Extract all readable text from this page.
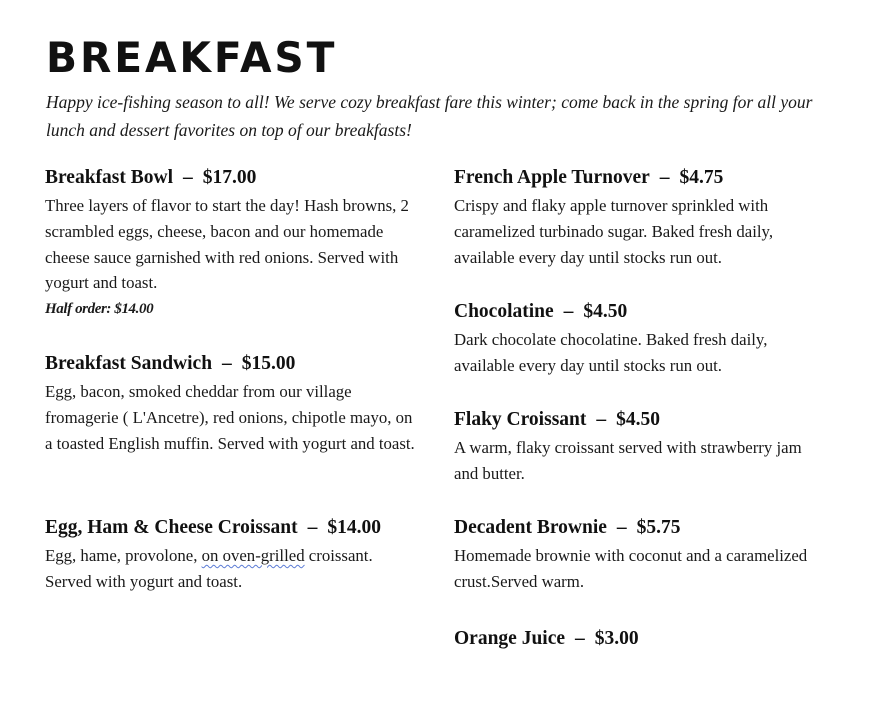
BREAKFAST

Happy ice-fishing season to all! We serve cozy breakfast fare this winter; come back in the spring for all your lunch and dessert favorites on top of our breakfasts!

Breakfast Bowl – $17.00

Three layers of flavor to start the day! Hash browns, 2 scrambled eggs, cheese, bacon and our homemade cheese sauce garnished with red onions. Served with yogurt and toast.

Half order: $14.00

Breakfast Sandwich – $15.00

Egg, bacon, smoked cheddar from our village fromagerie ( L'Ancetre), red onions, chipotle mayo, on a toasted English muffin. Served with yogurt and toast.

Egg, Ham & Cheese Croissant – $14.00

Egg, hame, provolone, on oven-grilled croissant. Served with yogurt and toast.

French Apple Turnover – $4.75

Crispy and flaky apple turnover sprinkled with caramelized turbinado sugar. Baked fresh daily, available every day until stocks run out.

Chocolatine – $4.50

Dark chocolate chocolatine. Baked fresh daily, available every day until stocks run out.

Flaky Croissant – $4.50

A warm, flaky croissant served with strawberry jam and butter.

Decadent Brownie – $5.75

Homemade brownie with coconut and a caramelized crust.Served warm.

Orange Juice – $3.00
